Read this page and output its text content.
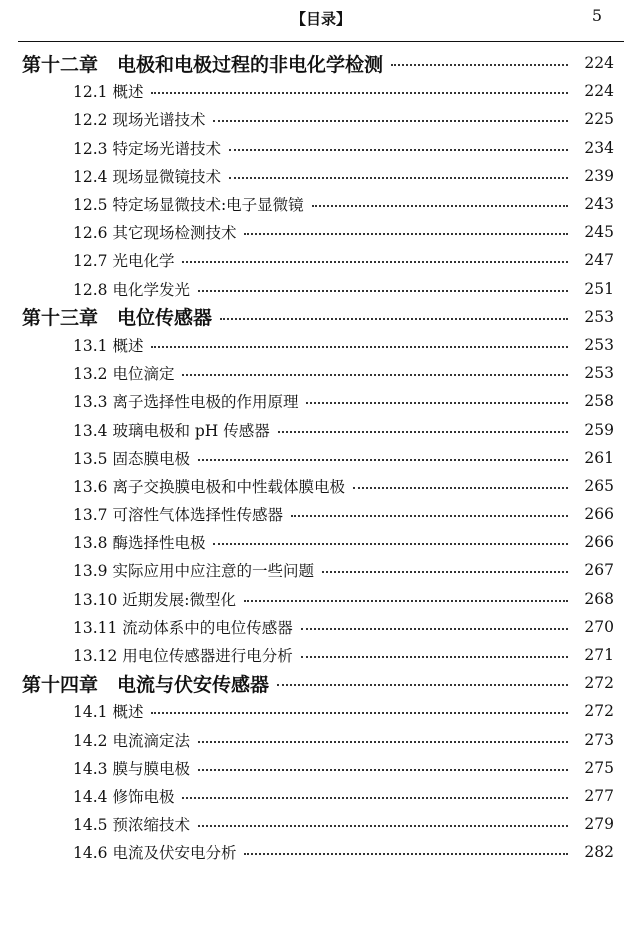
【目录】	5
第十二章　电极和电极过程的非电化学检测	224
12.1 概述	224
12.2 现场光谱技术	225
12.3 特定场光谱技术	234
12.4 现场显微镜技术	239
12.5 特定场显微技术:电子显微镜	243
12.6 其它现场检测技术	245
12.7 光电化学	247
12.8 电化学发光	251
第十三章　电位传感器	253
13.1 概述	253
13.2 电位滴定	253
13.3 离子选择性电极的作用原理	258
13.4 玻璃电极和 pH 传感器	259
13.5 固态膜电极	261
13.6 离子交换膜电极和中性载体膜电极	265
13.7 可溶性气体选择性传感器	266
13.8 酶选择性电极	266
13.9 实际应用中应注意的一些问题	267
13.10 近期发展:微型化	268
13.11 流动体系中的电位传感器	270
13.12 用电位传感器进行电分析	271
第十四章　电流与伏安传感器	272
14.1 概述	272
14.2 电流滴定法	273
14.3 膜与膜电极	275
14.4 修饰电极	277
14.5 预浓缩技术	279
14.6 电流及伏安电分析	282
